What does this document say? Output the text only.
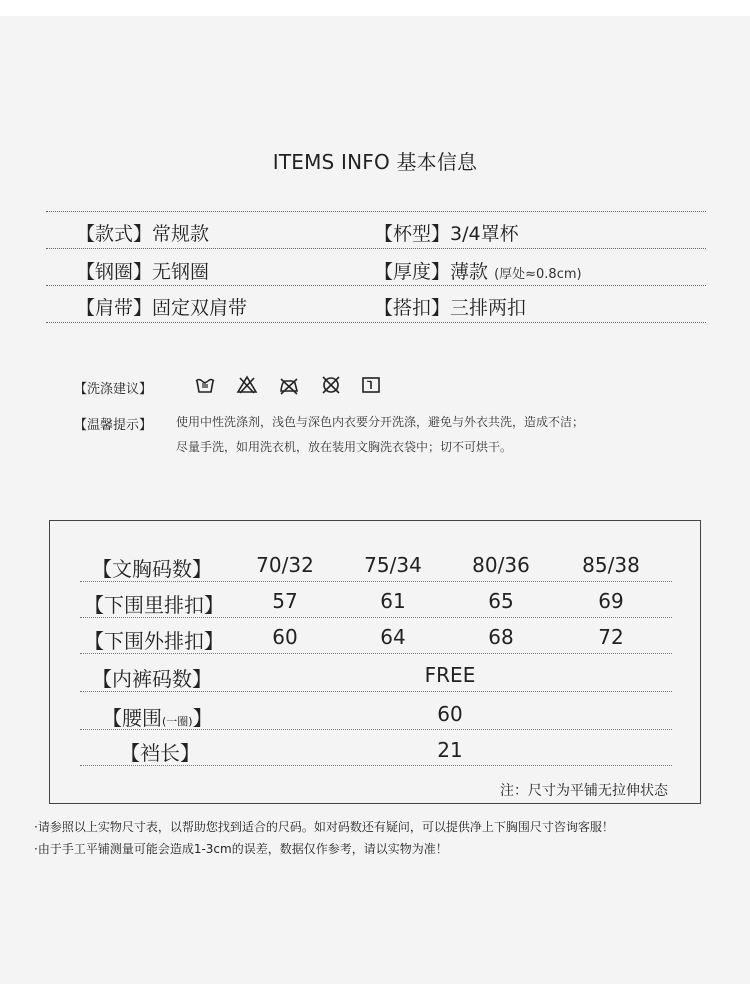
ITEMS INFO 基本信息
【款式】常规款	【杯型】3/4罩杯
【钢圈】无钢圈	【厚度】薄款 (厚处≈0.8cm)
【肩带】固定双肩带	【搭扣】三排两扣
【洗涤建议】
【温馨提示】 使用中性洗涤剂，浅色与深色内衣要分开洗涤，避免与外衣共洗，造成不洁；
尽量手洗，如用洗衣机，放在装用文胸洗衣袋中；切不可烘干。
【文胸码数】	70/32	75/34	80/36	85/38
【下围里排扣】	57	61	65	69
【下围外排扣】	60	64	68	72
【内裤码数】	FREE
【腰围(一圈)】	60
【裆长】	21
注：尺寸为平铺无拉伸状态
·请参照以上实物尺寸表，以帮助您找到适合的尺码。如对码数还有疑问，可以提供净上下胸围尺寸咨询客服！
·由于手工平铺测量可能会造成1-3cm的误差，数据仅作参考，请以实物为准！
